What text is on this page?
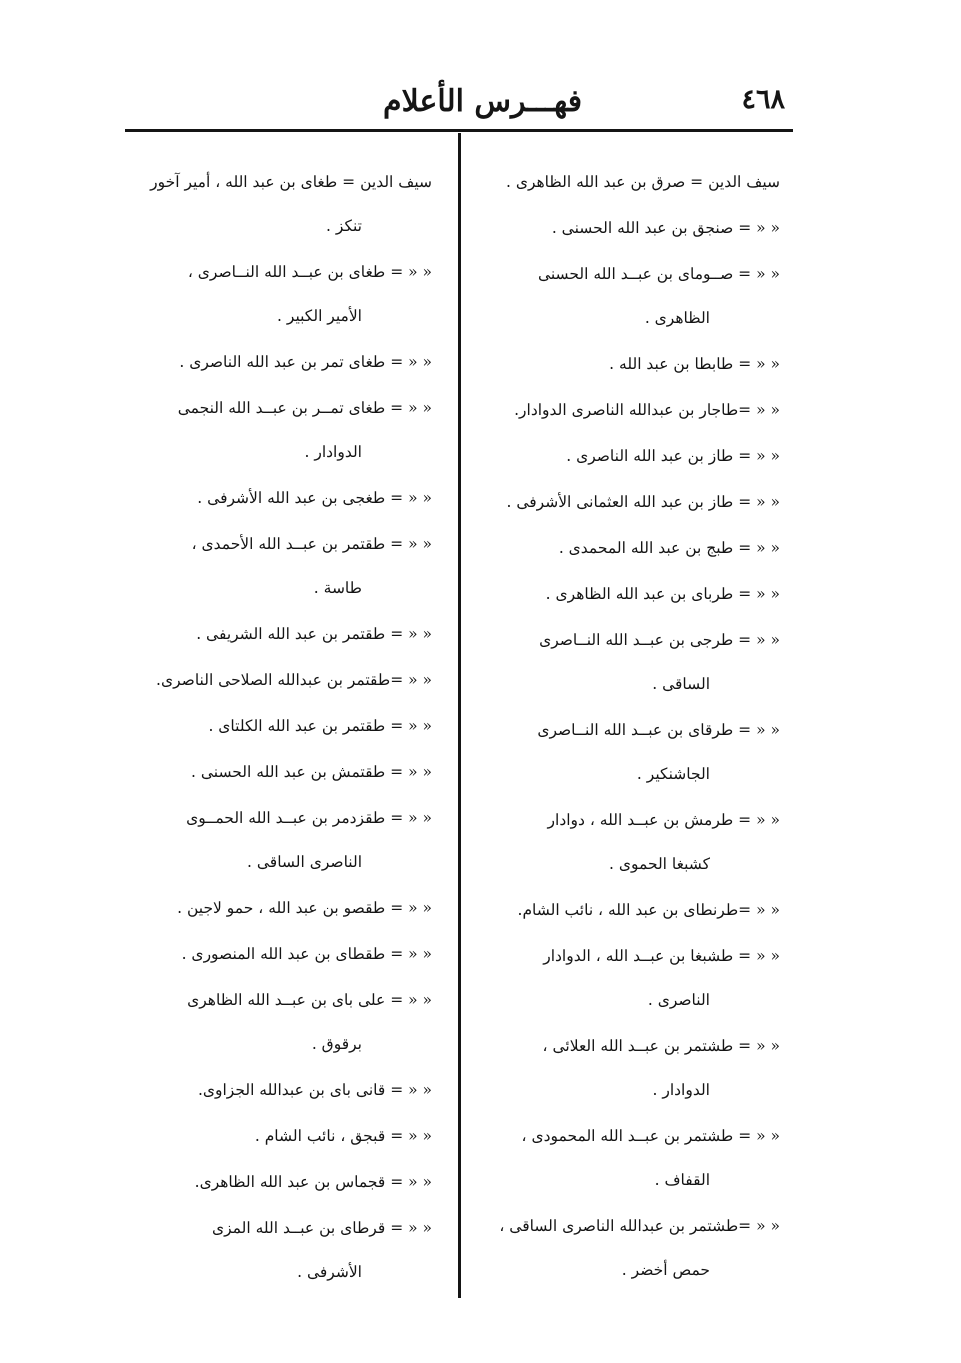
٤٦٨
فهـــرس الأعلام
سيف الدين = صرق بن عبد الله الظاهرى .
« « = صنجق بن عبد الله الحسنى .
« « = صــوماى بن عبــد الله الحسنى
الظاهرى .
« « = طابطا بن عبد الله .
« « =طاجار بن عبدالله الناصرى الدوادار.
« « = طاز بن عبد الله الناصرى .
« « = طاز بن عبد الله العثمانى الأشرفى .
« « = طبج بن عبد الله المحمدى .
« « = طرباى بن عبد الله الظاهرى .
« « = طرجى بن عبــد الله النــاصرى
الساقى .
« « = طرقاى بن عبــد الله النــاصرى
الجاشنكير .
« « = طرمش بن عبــد الله ، دوادار
كشبغا الحموى .
« « =طرنطاى بن عبد الله ، نائب الشام.
« « = طشبغا بن عبــد الله ، الدوادار
الناصرى .
« « = طشتمر بن عبــد الله العلائى ،
الدوادار .
« « = طشتمر بن عبــد الله المحمودى ،
القفاف .
« « =طشتمر بن عبدالله الناصرى الساقى ،
حمص أخضر .
سيف الدين = طغاى بن عبد الله ، أمير آخور
تنكز .
« « = طغاى بن عبــد الله النــاصرى ،
الأمير الكبير .
« « = طغاى تمر بن عبد الله الناصرى .
« « = طغاى تمــر بن عبــد الله النجمى
الدوادار .
« « = طغجى بن عبد الله الأشرفى .
« « = طقتمر بن عبــد الله الأحمدى ،
طاسة .
« « = طقتمر بن عبد الله الشريفى .
« « =طقتمر بن عبدالله الصلاحى الناصرى.
« « = طقتمر بن عبد الله الكلتاى .
« « = طقتمش بن عبد الله الحسنى .
« « = طقزدمر بن عبــد الله الحمــوى
الناصرى الساقى .
« « = طقصو بن عبد الله ، حمو لاجين .
« « = طقطاى بن عبد الله المنصورى .
« « = على باى بن عبــد الله الظاهرى
برقوق .
« « = قانى باى بن عبدالله الجزاوى.
« « = قبجق ، نائب الشام .
« « = قجماس بن عبد الله الظاهرى.
« « = قرطاى بن عبــد الله المزى
الأشرفى .
